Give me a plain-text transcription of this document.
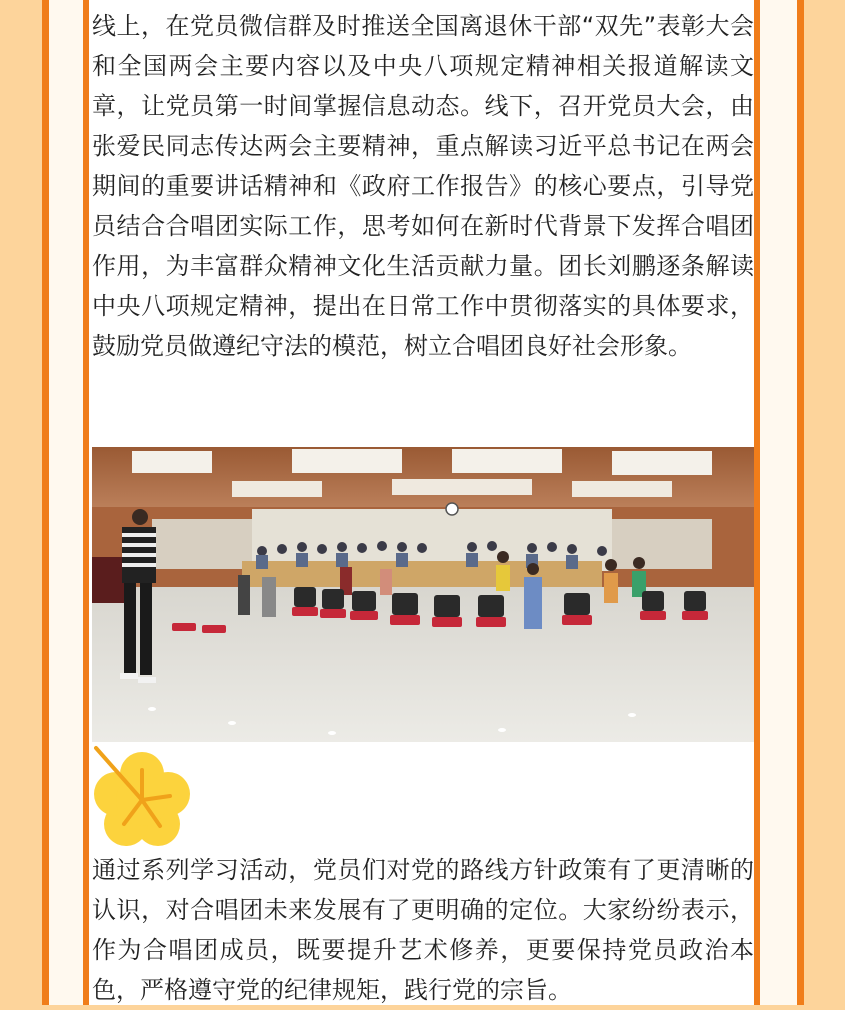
线上，在党员微信群及时推送全国离退休干部“双先”表彰大会和全国两会主要内容以及中央八项规定精神相关报道解读文章，让党员第一时间掌握信息动态。线下，召开党员大会，由张爱民同志传达两会主要精神，重点解读习近平总书记在两会期间的重要讲话精神和《政府工作报告》的核心要点，引导党员结合合唱团实际工作，思考如何在新时代背景下发挥合唱团作用，为丰富群众精神文化生活贡献力量。团长刘鹏逐条解读中央八项规定精神，提出在日常工作中贯彻落实的具体要求，鼓励党员做遵纪守法的模范，树立合唱团良好社会形象。

通过系列学习活动，党员们对党的路线方针政策有了更清晰的认识，对合唱团未来发展有了更明确的定位。大家纷纷表示，作为合唱团成员，既要提升艺术修养，更要保持党员政治本色，严格遵守党的纪律规矩，践行党的宗旨。
